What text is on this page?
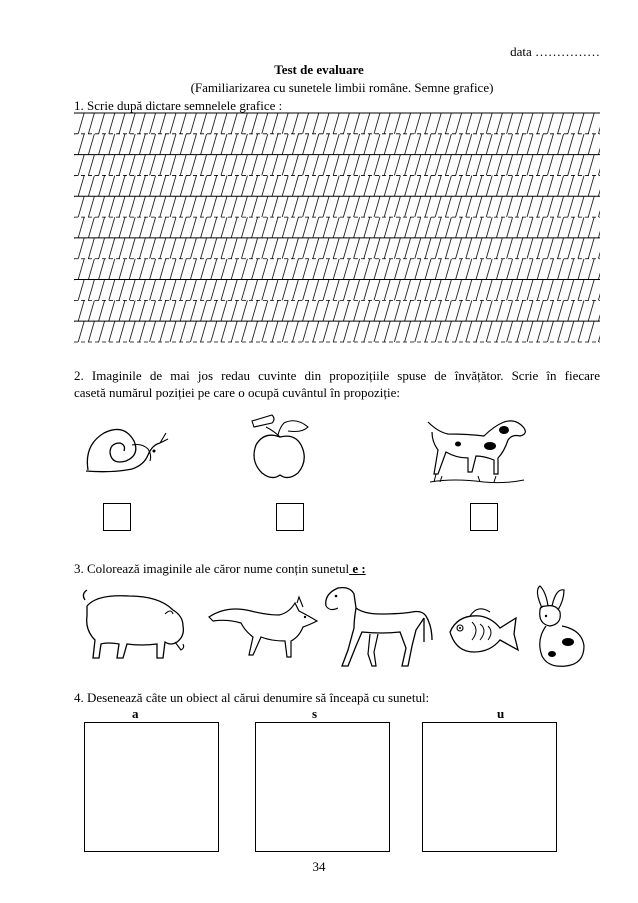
data ……………
Test de evaluare
(Familiarizarea cu sunetele limbii române. Semne grafice)
1. Scrie după dictare semnelele grafice :
2. Imaginile de mai jos redau cuvinte din propozițiile spuse de învățător. Scrie în fiecare
casetă numărul poziției pe care o ocupă cuvântul în propoziție:
3. Colorează imaginile ale căror nume conțin sunetul e :
4. Desenează câte un obiect al cărui denumire să înceapă cu sunetul:
a	s	u
34
